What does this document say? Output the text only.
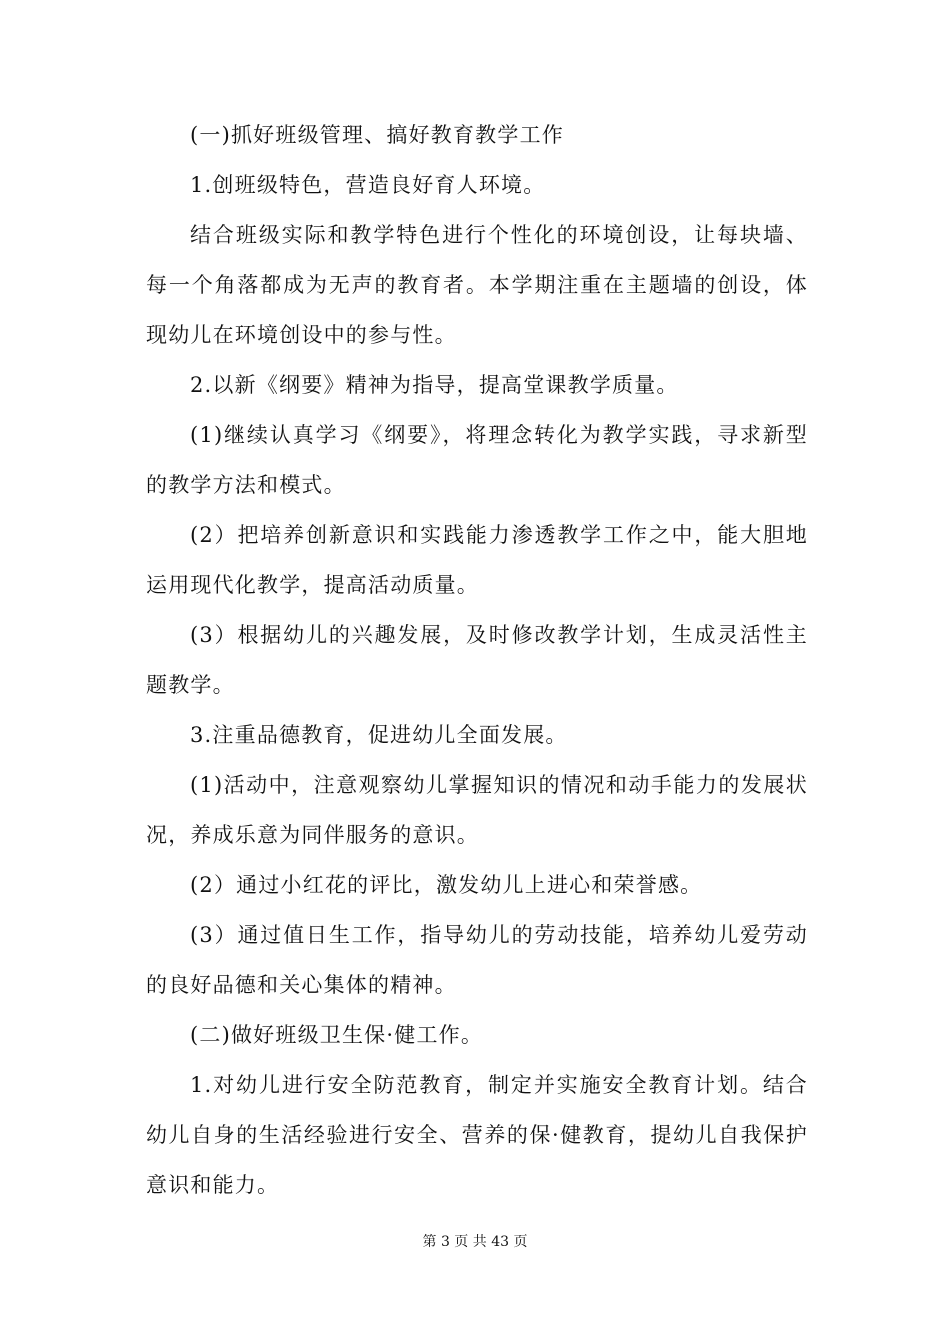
(一)抓好班级管理、搞好教育教学工作

1.创班级特色，营造良好育人环境。

结合班级实际和教学特色进行个性化的环境创设，让每块墙、每一个角落都成为无声的教育者。本学期注重在主题墙的创设，体现幼儿在环境创设中的参与性。

2.以新《纲要》精神为指导，提高堂课教学质量。

(1)继续认真学习《纲要》，将理念转化为教学实践，寻求新型的教学方法和模式。

(2）把培养创新意识和实践能力渗透教学工作之中，能大胆地运用现代化教学，提高活动质量。

(3）根据幼儿的兴趣发展，及时修改教学计划，生成灵活性主题教学。

3.注重品德教育，促进幼儿全面发展。

(1)活动中，注意观察幼儿掌握知识的情况和动手能力的发展状况，养成乐意为同伴服务的意识。

(2）通过小红花的评比，激发幼儿上进心和荣誉感。

(3）通过值日生工作，指导幼儿的劳动技能，培养幼儿爱劳动的良好品德和关心集体的精神。

(二)做好班级卫生保·健工作。

1.对幼儿进行安全防范教育，制定并实施安全教育计划。结合幼儿自身的生活经验进行安全、营养的保·健教育，提幼儿自我保护意识和能力。

第 3 页 共 43 页
